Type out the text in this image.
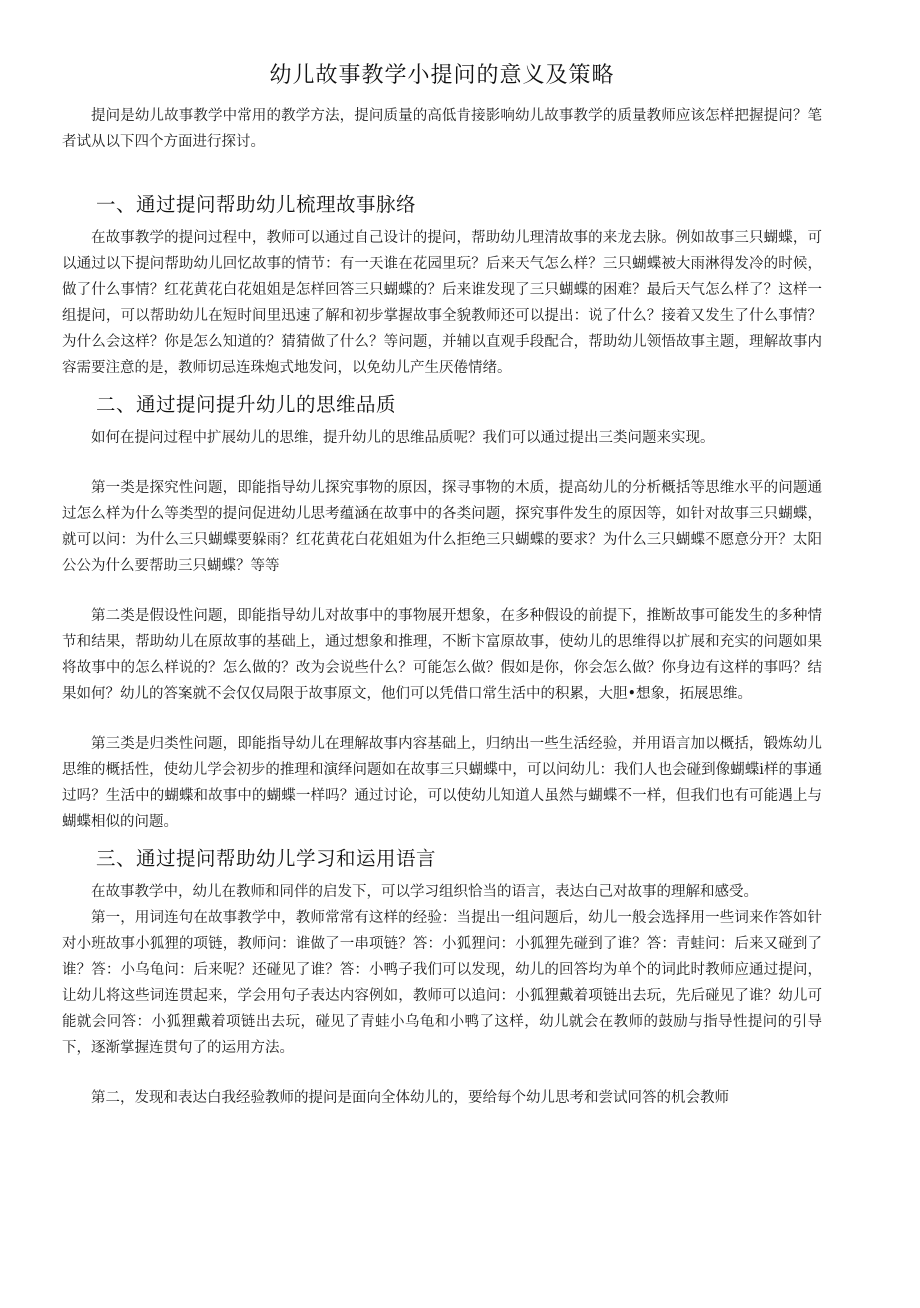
幼儿故事教学小提问的意义及策略

提问是幼儿故事教学中常用的教学方法，提问质量的高低肯接影响幼儿故事教学的质量教师应该怎样把握提问？笔者试从以下四个方面进行探讨。

一、通过提问帮助幼儿梳理故事脉络

在故事教学的提问过程中，教师可以通过自己设计的提问，帮助幼儿理清故事的来龙去脉。例如故事三只蝴蝶，可以通过以下提问帮助幼儿回忆故事的情节：有一天谁在花园里玩？后来天气怎么样？三只蝴蝶被大雨淋得发冷的时候，做了什么事情？红花黄花白花姐姐是怎样回答三只蝴蝶的？后来谁发现了三只蝴蝶的困难？最后天气怎么样了？这样一组提问，可以帮助幼儿在短时间里迅速了解和初步掌握故事全貌教师还可以提出：说了什么？接着又发生了什么事情？为什么会这样？你是怎么知道的？猜猜做了什么？等问题，并辅以直观手段配合，帮助幼儿领悟故事主题，理解故事内容需要注意的是，教师切忌连珠炮式地发问，以免幼儿产生厌倦情绪。

二、通过提问提升幼儿的思维品质

如何在提问过程中扩展幼儿的思维，提升幼儿的思维品质呢？我们可以通过提出三类问题来实现。

第一类是探究性问题，即能指导幼儿探究事物的原因，探寻事物的木质，提高幼儿的分析概括等思维水平的问题通过怎么样为什么等类型的提问促进幼儿思考蕴涵在故事中的各类问题，探究事件发生的原因等，如针对故事三只蝴蝶，就可以问：为什么三只蝴蝶要躲雨？红花黄花白花姐姐为什么拒绝三只蝴蝶的要求？为什么三只蝴蝶不愿意分开？太阳公公为什么要帮助三只蝴蝶？等等

第二类是假设性问题，即能指导幼儿对故事中的事物展开想象，在多种假设的前提下，推断故事可能发生的多种情节和结果，帮助幼儿在原故事的基础上，通过想象和推理，不断卞富原故事，使幼儿的思维得以扩展和充实的问题如果将故事中的怎么样说的？怎么做的？改为会说些什么？可能怎么做？假如是你，你会怎么做？你身边有这样的事吗？结果如何？幼儿的答案就不会仅仅局限于故事原文，他们可以凭借口常生活中的积累，大胆•想象，拓展思维。

第三类是归类性问题，即能指导幼儿在理解故事内容基础上，归纳出一些生活经验，并用语言加以概括，锻炼幼儿思维的概括性，使幼儿学会初步的推理和演绎问题如在故事三只蝴蝶中，可以问幼儿：我们人也会碰到像蝴蝶i样的事通过吗？生活中的蝴蝶和故事中的蝴蝶一样吗？通过讨论，可以使幼儿知道人虽然与蝴蝶不一样，但我们也有可能遇上与蝴蝶相似的问题。

三、通过提问帮助幼儿学习和运用语言

在故事教学中，幼儿在教师和同伴的启发下，可以学习组织恰当的语言，表达白己对故事的理解和感受。

第一，用词连句在故事教学中，教师常常有这样的经验：当提出一组问题后，幼儿一般会选择用一些词来作答如针对小班故事小狐狸的项链，教师问：谁做了一串项链？答：小狐狸问：小狐狸先碰到了谁？答：青蛙问：后来又碰到了谁？答：小乌龟问：后来呢？还碰见了谁？答：小鸭子我们可以发现，幼儿的回答均为单个的词此时教师应通过提问，让幼儿将这些词连贯起来，学会用句子表达内容例如，教师可以追问：小狐狸戴着项链出去玩，先后碰见了谁？幼儿可能就会冋答：小狐狸戴着项链出去玩，碰见了青蛙小乌龟和小鸭了这样，幼儿就会在教师的鼓励与指导性提问的引导下，逐渐掌握连贯句了的运用方法。

第二，发现和表达白我经验教师的提问是面向全体幼儿的，要给每个幼儿思考和尝试冋答的机会教师
